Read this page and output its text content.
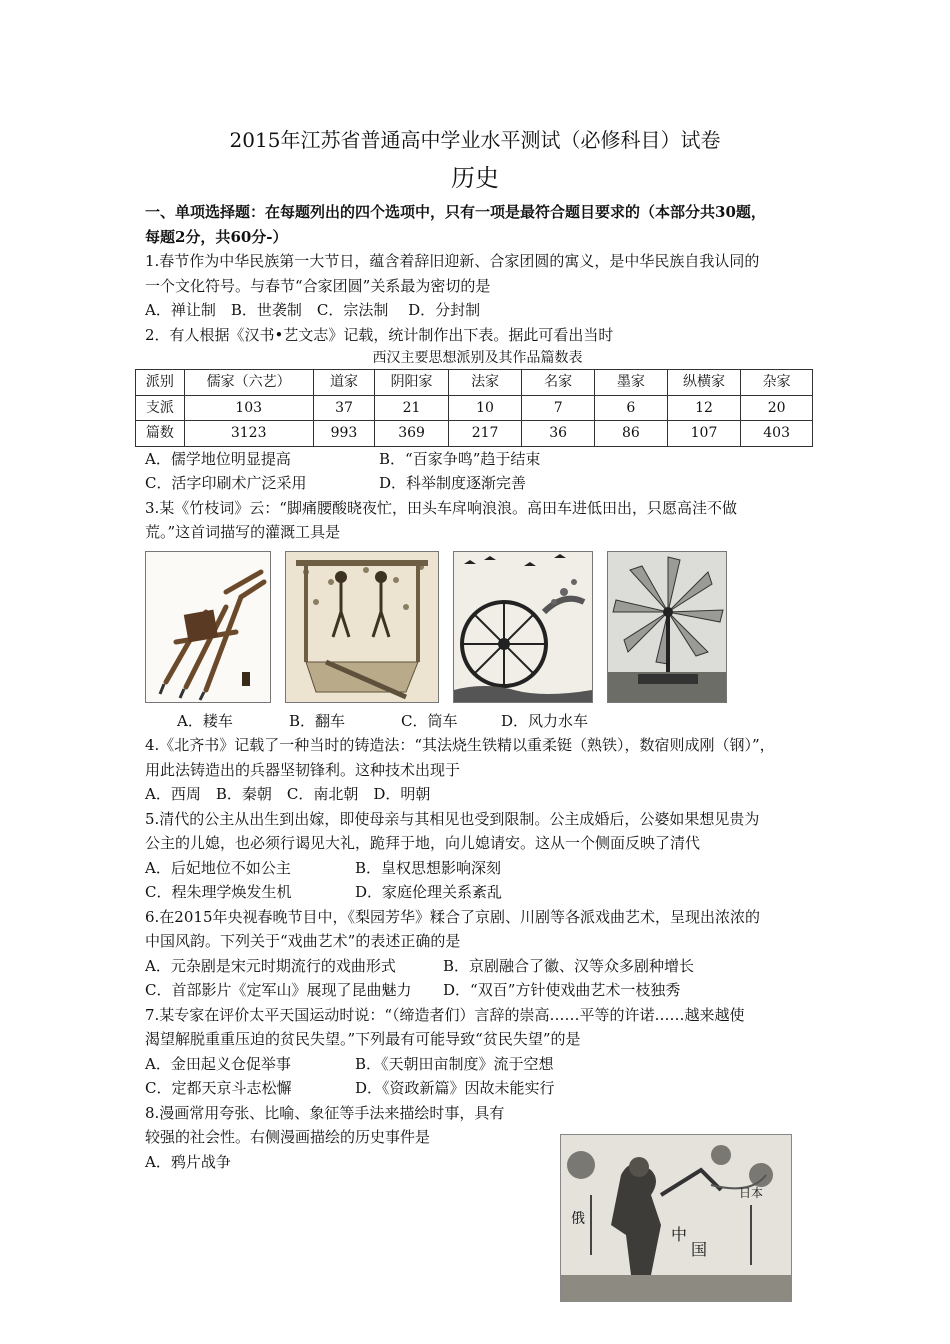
2015年江苏省普通高中学业水平测试（必修科目）试卷
历史
一、单项选择题：在每题列出的四个选项中，只有一项是最符合题目要求的（本部分共30题，
每题2分，共60分-）
1.春节作为中华民族第一大节日，蕴含着辞旧迎新、合家团圆的寓义，是中华民族自我认同的
一个文化符号。与春节“合家团圆”关系最为密切的是
A．禅让制　B．世袭制　C．宗法制　 D．分封制
2．有人根据《汉书•艺文志》记载，统计制作出下表。据此可看出当时
西汉主要思想派别及其作品篇数表
派别	儒家（六艺）	道家	阴阳家	法家	名家	墨家	纵横家	杂家
支派	103	37	21	10	7	6	12	20
篇数	3123	993	369	217	36	86	107	403
A．儒学地位明显提高	B．“百家争鸣”趋于结束
C．活字印刷术广泛采用	D．科举制度逐渐完善
3.某《竹枝词》云：“脚痛腰酸晓夜忙，田头车戽响浪浪。高田车进低田出，只愿高洼不做
荒。”这首词描写的灌溉工具是
A．耧车	B．翻车	C．筒车	D．风力水车
4.《北齐书》记载了一种当时的铸造法：“其法烧生铁精以重柔铤（熟铁），数宿则成刚（钢）”，
用此法铸造出的兵器坚韧锋利。这种技术出现于
A．西周　B．秦朝　C．南北朝　D．明朝
5.清代的公主从出生到出嫁，即使母亲与其相见也受到限制。公主成婚后，公婆如果想见贵为
公主的儿媳，也必须行谒见大礼，跪拜于地，向儿媳请安。这从一个侧面反映了清代
A．后妃地位不如公主	B．皇权思想影响深刻
C．程朱理学焕发生机	D．家庭伦理关系紊乱
6.在2015年央视春晚节目中，《梨园芳华》糅合了京剧、川剧等各派戏曲艺术，呈现出浓浓的
中国风韵。下列关于“戏曲艺术”的表述正确的是
A．元杂剧是宋元时期流行的戏曲形式	B．京剧融合了徽、汉等众多剧种增长
C．首部影片《定军山》展现了昆曲魅力 D．“双百”方针使戏曲艺术一枝独秀
7.某专家在评价太平天国运动时说：“（缔造者们）言辞的崇高……平等的许诺……越来越使
渴望解脱重重压迫的贫民失望。”下列最有可能导致“贫民失望”的是
A．金田起义仓促举事	B．《天朝田亩制度》流于空想
C．定都天京斗志松懈	D．《资政新篇》因故未能实行
8.漫画常用夸张、比喻、象征等手法来描绘时事，具有
较强的社会性。右侧漫画描绘的历史事件是
A．鸦片战争
俄
中
国
日本
